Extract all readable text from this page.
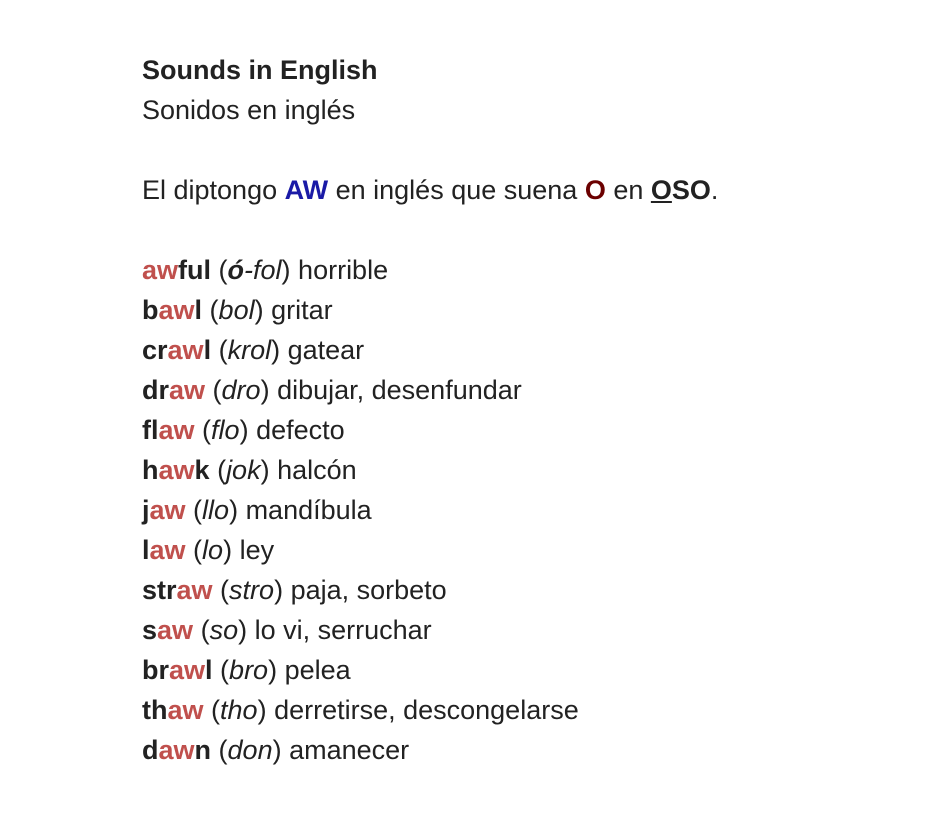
Sounds in English
Sonidos en inglés
El diptongo AW en inglés que suena O en OSO.
awful (ó-fol) horrible
bawl (bol) gritar
crawl (krol) gatear
draw (dro) dibujar, desenfundar
flaw (flo) defecto
hawk (jok) halcón
jaw (llo) mandíbula
law (lo) ley
straw (stro) paja, sorbeto
saw (so) lo vi, serruchar
brawl (bro) pelea
thaw (tho) derretirse, descongelarse
dawn (don) amanecer
